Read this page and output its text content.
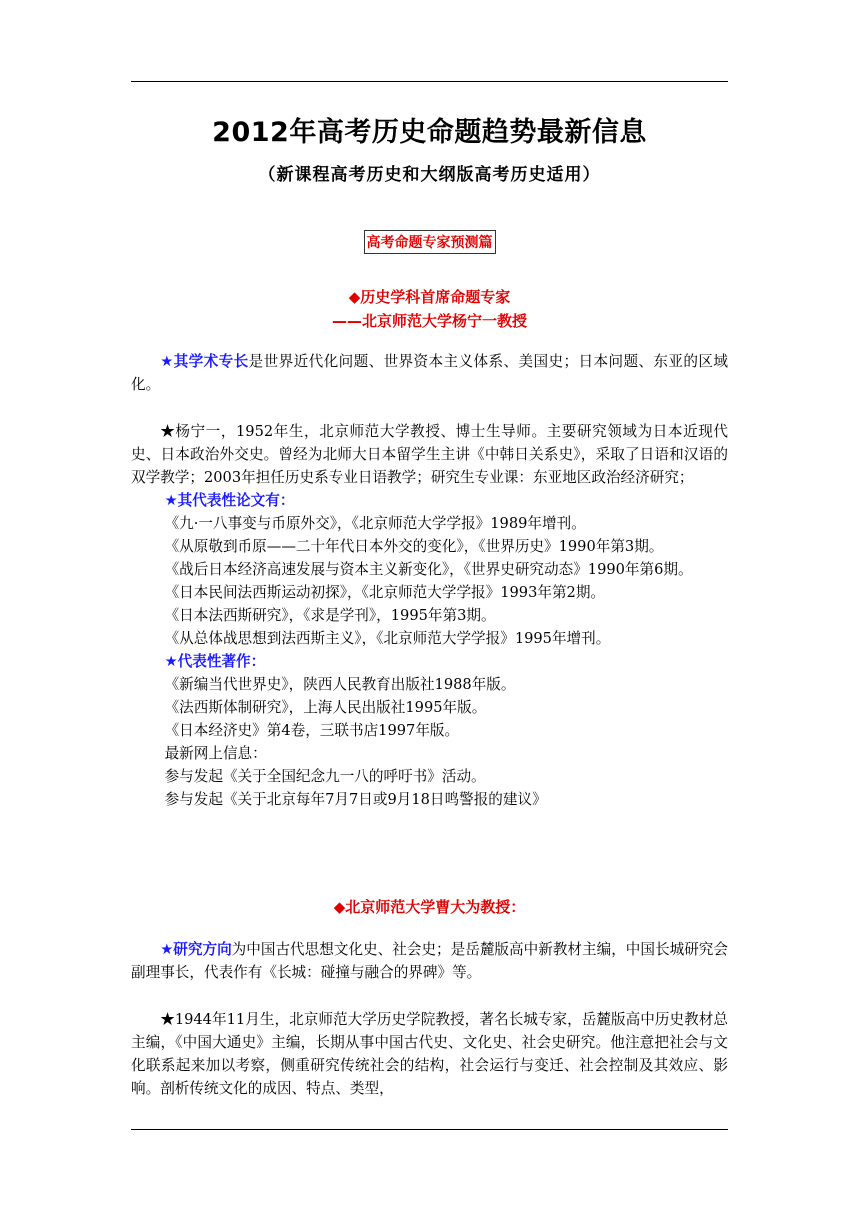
2012年高考历史命题趋势最新信息
（新课程高考历史和大纲版高考历史适用）
高考命题专家预测篇
◆历史学科首席命题专家
——北京师范大学杨宁一教授

★其学术专长是世界近代化问题、世界资本主义体系、美国史；日本问题、东亚的区域化。

★杨宁一，1952年生，北京师范大学教授、博士生导师。主要研究领域为日本近现代史、日本政治外交史。曾经为北师大日本留学生主讲《中韩日关系史》，采取了日语和汉语的双学教学；2003年担任历史系专业日语教学；研究生专业课：东亚地区政治经济研究；

★其代表性论文有：

《九·一八事变与币原外交》，《北京师范大学学报》1989年增刊。

《从原敬到币原——二十年代日本外交的变化》，《世界历史》1990年第3期。

《战后日本经济高速发展与资本主义新变化》，《世界史研究动态》1990年第6期。

《日本民间法西斯运动初探》，《北京师范大学学报》1993年第2期。

《日本法西斯研究》，《求是学刊》，1995年第3期。

《从总体战思想到法西斯主义》，《北京师范大学学报》1995年增刊。

★代表性著作：

《新编当代世界史》，陕西人民教育出版社1988年版。

《法西斯体制研究》，上海人民出版社1995年版。

《日本经济史》第4卷，三联书店1997年版。

最新网上信息：

参与发起《关于全国纪念九一八的呼吁书》活动。

参与发起《关于北京每年7月7日或9月18日鸣警报的建议》

◆北京师范大学曹大为教授：

★研究方向为中国古代思想文化史、社会史；是岳麓版高中新教材主编，中国长城研究会副理事长，代表作有《长城：碰撞与融合的界碑》等。

★1944年11月生，北京师范大学历史学院教授，著名长城专家，岳麓版高中历史教材总主编，《中国大通史》主编，长期从事中国古代史、文化史、社会史研究。他注意把社会与文化联系起来加以考察，侧重研究传统社会的结构，社会运行与变迁、社会控制及其效应、影响。剖析传统文化的成因、特点、类型，
